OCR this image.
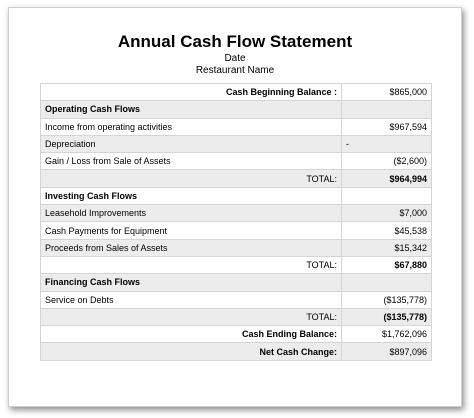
Annual Cash Flow Statement
Date
Restaurant Name
Cash Beginning Balance :	$865,000
Operating Cash Flows	
Income from operating activities	$967,594
Depreciation	-
Gain / Loss from Sale of Assets	($2,600)
TOTAL:	$964,994
Investing Cash Flows	
Leasehold Improvements	$7,000
Cash Payments for Equipment	$45,538
Proceeds from Sales of Assets	$15,342
TOTAL:	$67,880
Financing Cash Flows	
Service on Debts	($135,778)
TOTAL:	($135,778)
Cash Ending Balance:	$1,762,096
Net Cash Change:	$897,096
